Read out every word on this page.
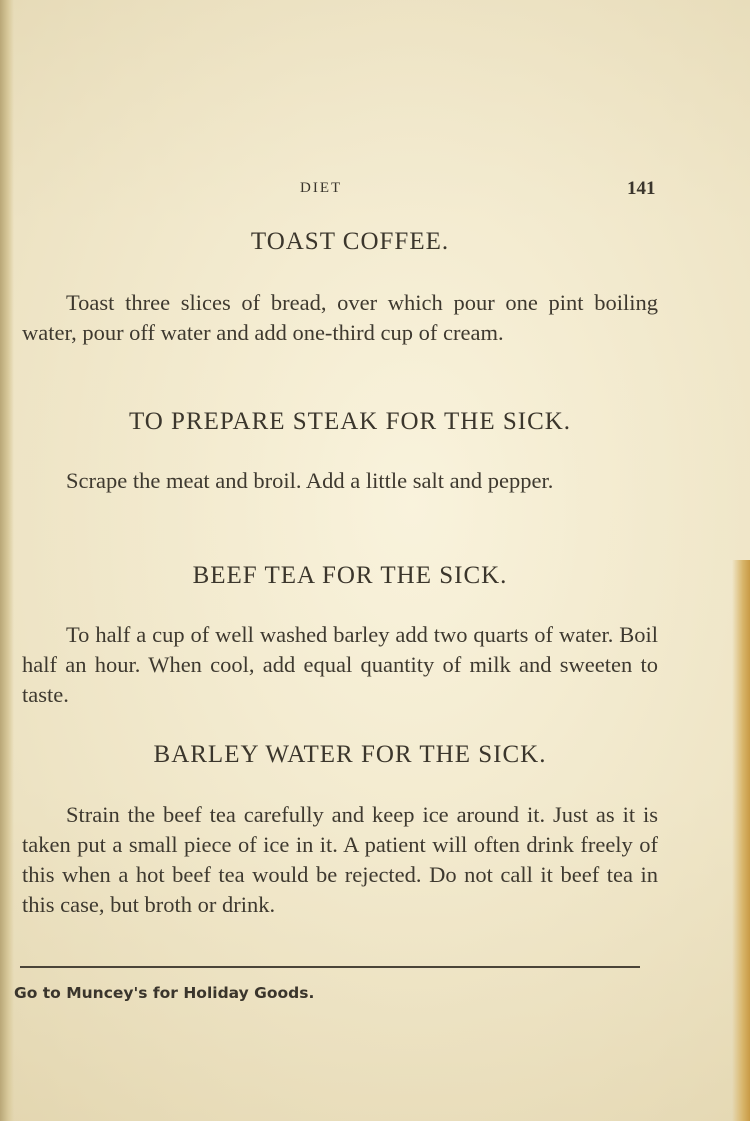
DIET	141
TOAST COFFEE.

Toast three slices of bread, over which pour one pint boiling water, pour off water and add one-third cup of cream.

TO PREPARE STEAK FOR THE SICK.

Scrape the meat and broil. Add a little salt and pepper.

BEEF TEA FOR THE SICK.

To half a cup of well washed barley add two quarts of water. Boil half an hour. When cool, add equal quantity of milk and sweeten to taste.

BARLEY WATER FOR THE SICK.

Strain the beef tea carefully and keep ice around it. Just as it is taken put a small piece of ice in it. A patient will often drink freely of this when a hot beef tea would be rejected. Do not call it beef tea in this case, but broth or drink.

Go to Muncey's for Holiday Goods.
